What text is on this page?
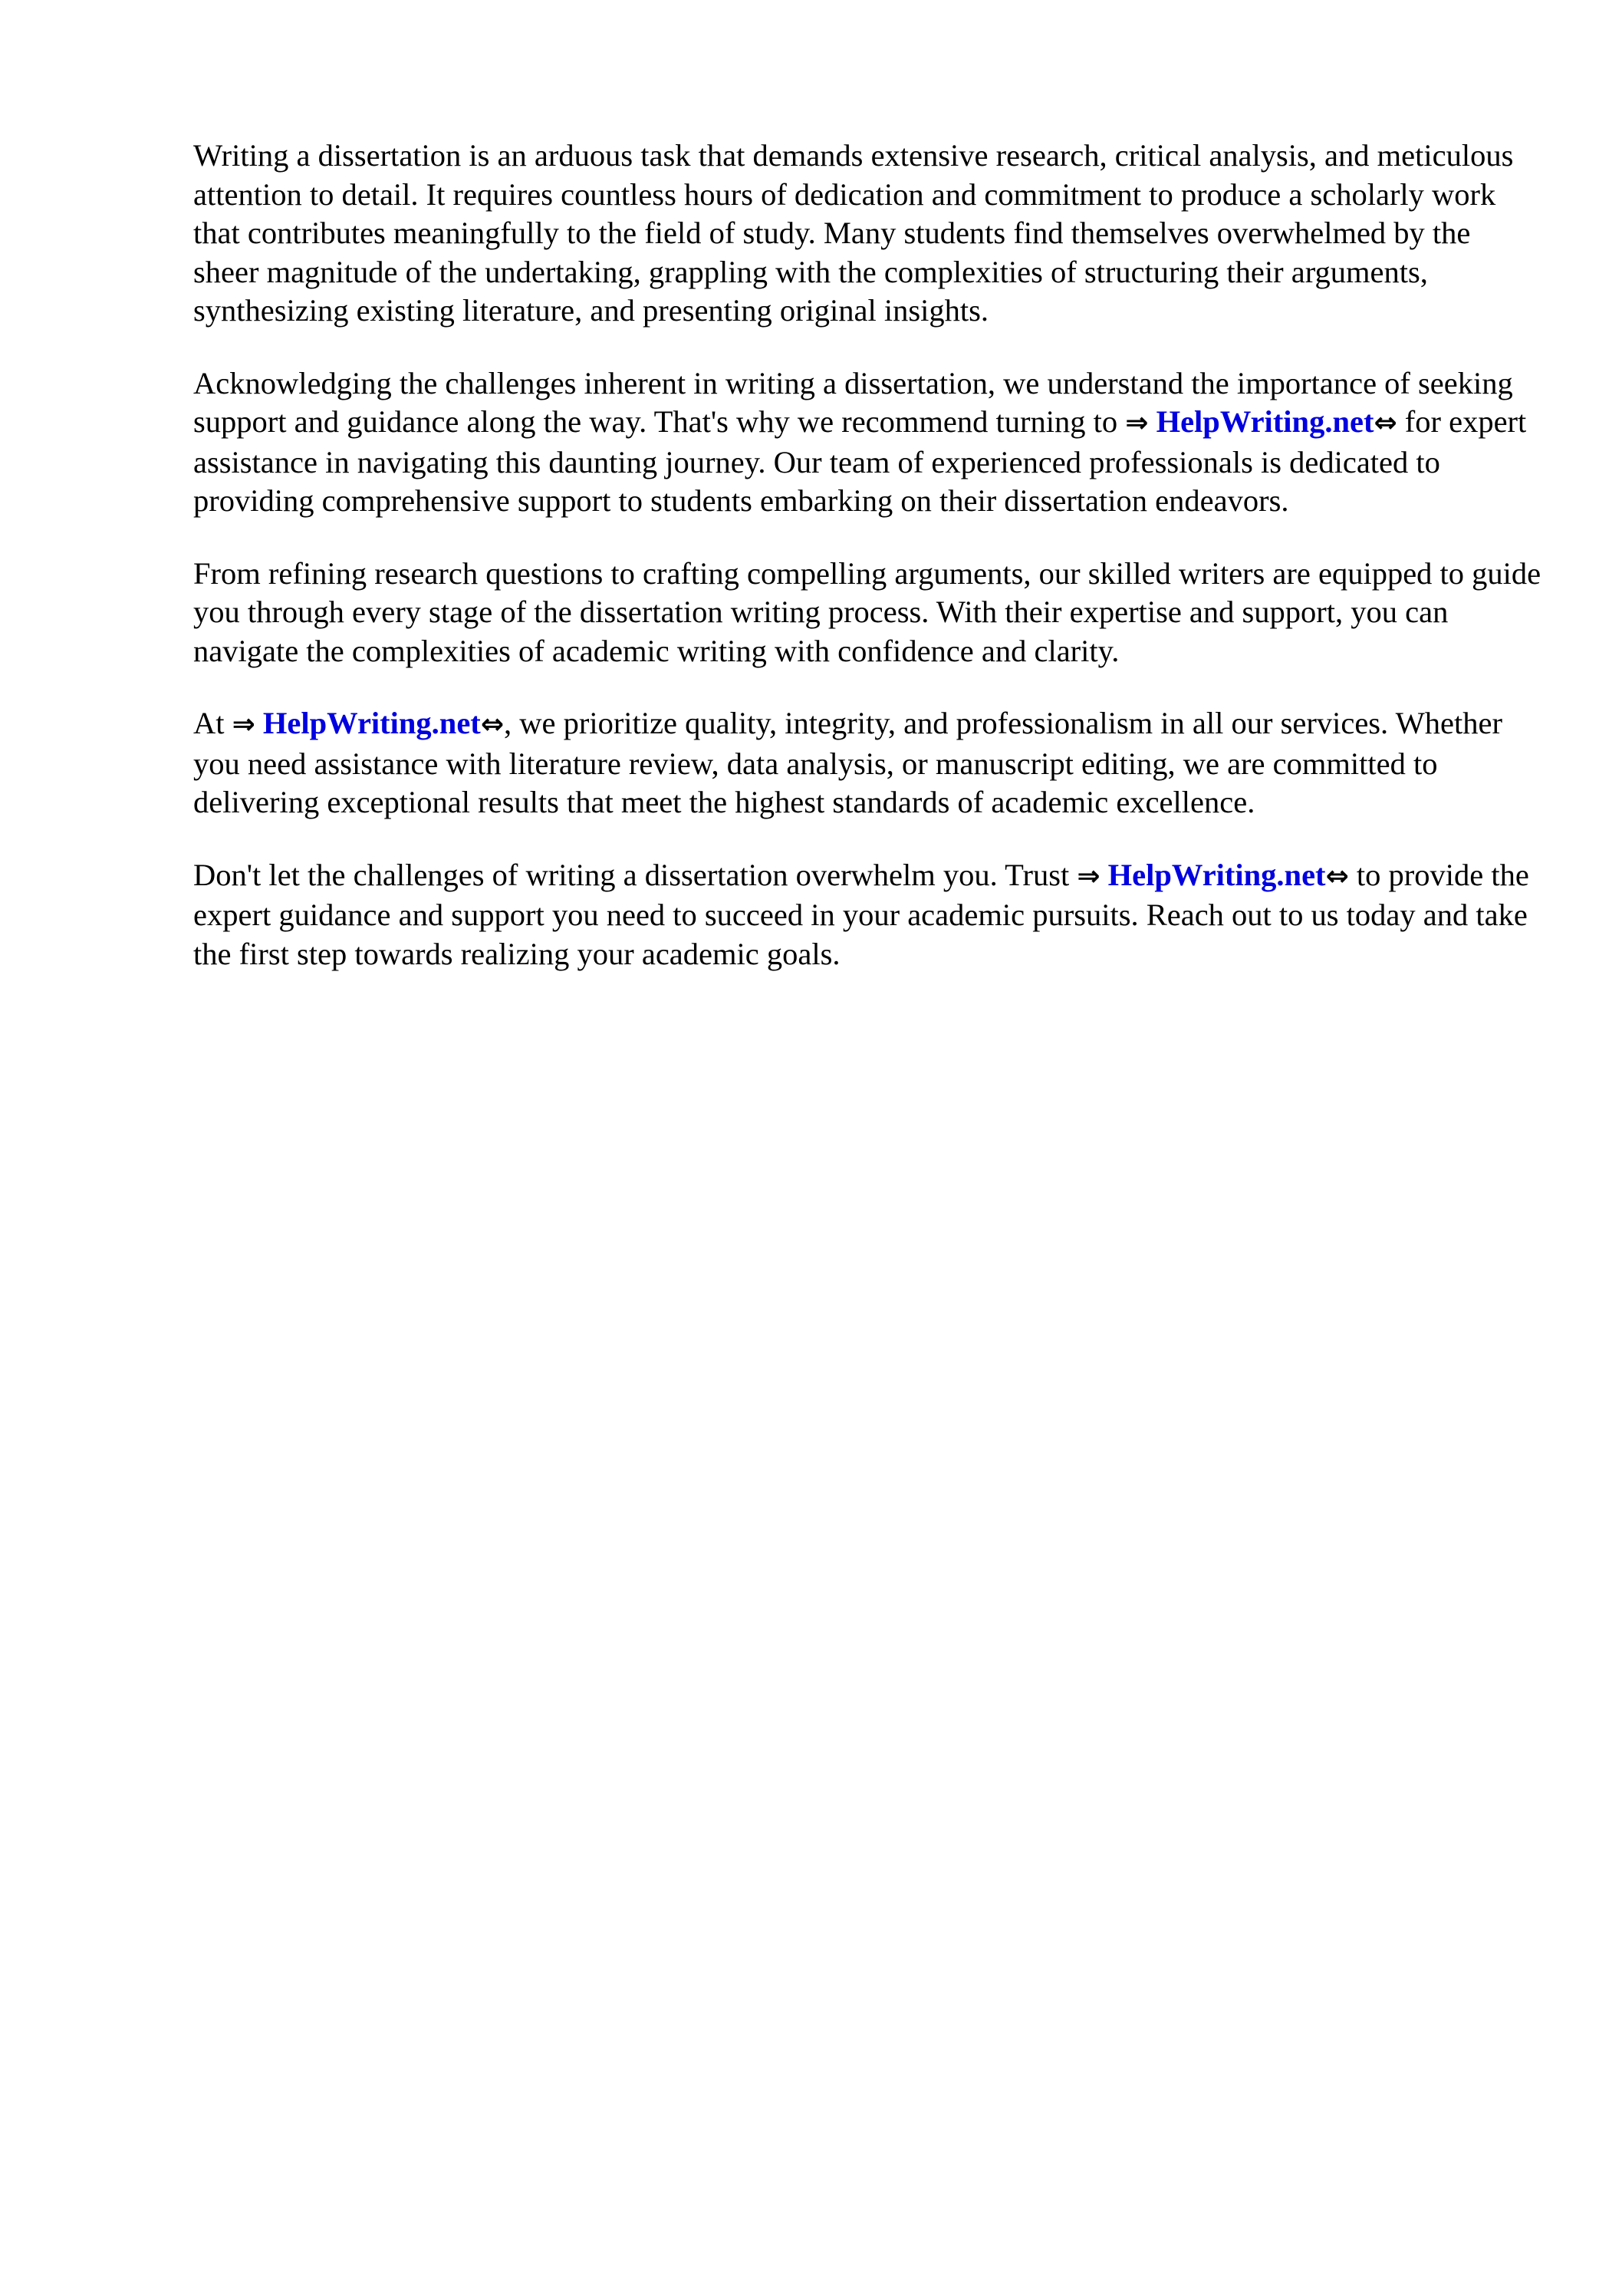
Writing a dissertation is an arduous task that demands extensive research, critical analysis, and meticulous attention to detail. It requires countless hours of dedication and commitment to produce a scholarly work that contributes meaningfully to the field of study. Many students find themselves overwhelmed by the sheer magnitude of the undertaking, grappling with the complexities of structuring their arguments, synthesizing existing literature, and presenting original insights.

Acknowledging the challenges inherent in writing a dissertation, we understand the importance of seeking support and guidance along the way. That's why we recommend turning to ⇒ HelpWriting.net⇔ for expert assistance in navigating this daunting journey. Our team of experienced professionals is dedicated to providing comprehensive support to students embarking on their dissertation endeavors.

From refining research questions to crafting compelling arguments, our skilled writers are equipped to guide you through every stage of the dissertation writing process. With their expertise and support, you can navigate the complexities of academic writing with confidence and clarity.

At ⇒ HelpWriting.net⇔, we prioritize quality, integrity, and professionalism in all our services. Whether you need assistance with literature review, data analysis, or manuscript editing, we are committed to delivering exceptional results that meet the highest standards of academic excellence.

Don't let the challenges of writing a dissertation overwhelm you. Trust ⇒ HelpWriting.net⇔ to provide the expert guidance and support you need to succeed in your academic pursuits. Reach out to us today and take the first step towards realizing your academic goals.
